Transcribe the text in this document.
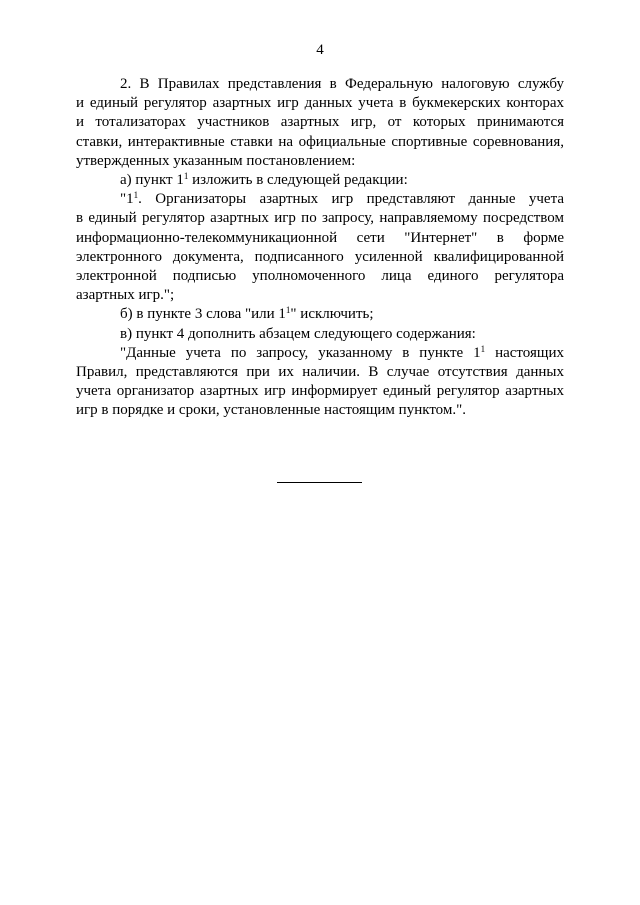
4
2. В Правилах представления в Федеральную налоговую службу
и единый регулятор азартных игр данных учета в букмекерских конторах
и тотализаторах участников азартных игр, от которых принимаются
ставки, интерактивные ставки на официальные спортивные соревнования,
утвержденных указанным постановлением:
а) пункт $1^1$ изложить в следующей редакции:
"$1^1$. Организаторы азартных игр представляют данные учета
в единый регулятор азартных игр по запросу, направляемому посредством
информационно-телекоммуникационной сети "Интернет" в форме
электронного документа, подписанного усиленной квалифицированной
электронной подписью уполномоченного лица единого регулятора
азартных игр.";
б) в пункте 3 слова "или $1^1$" исключить;
в) пункт 4 дополнить абзацем следующего содержания:
"Данные учета по запросу, указанному в пункте $1^1$ настоящих
Правил, представляются при их наличии. В случае отсутствия данных
учета организатор азартных игр информирует единый регулятор азартных
игр в порядке и сроки, установленные настоящим пунктом.".
